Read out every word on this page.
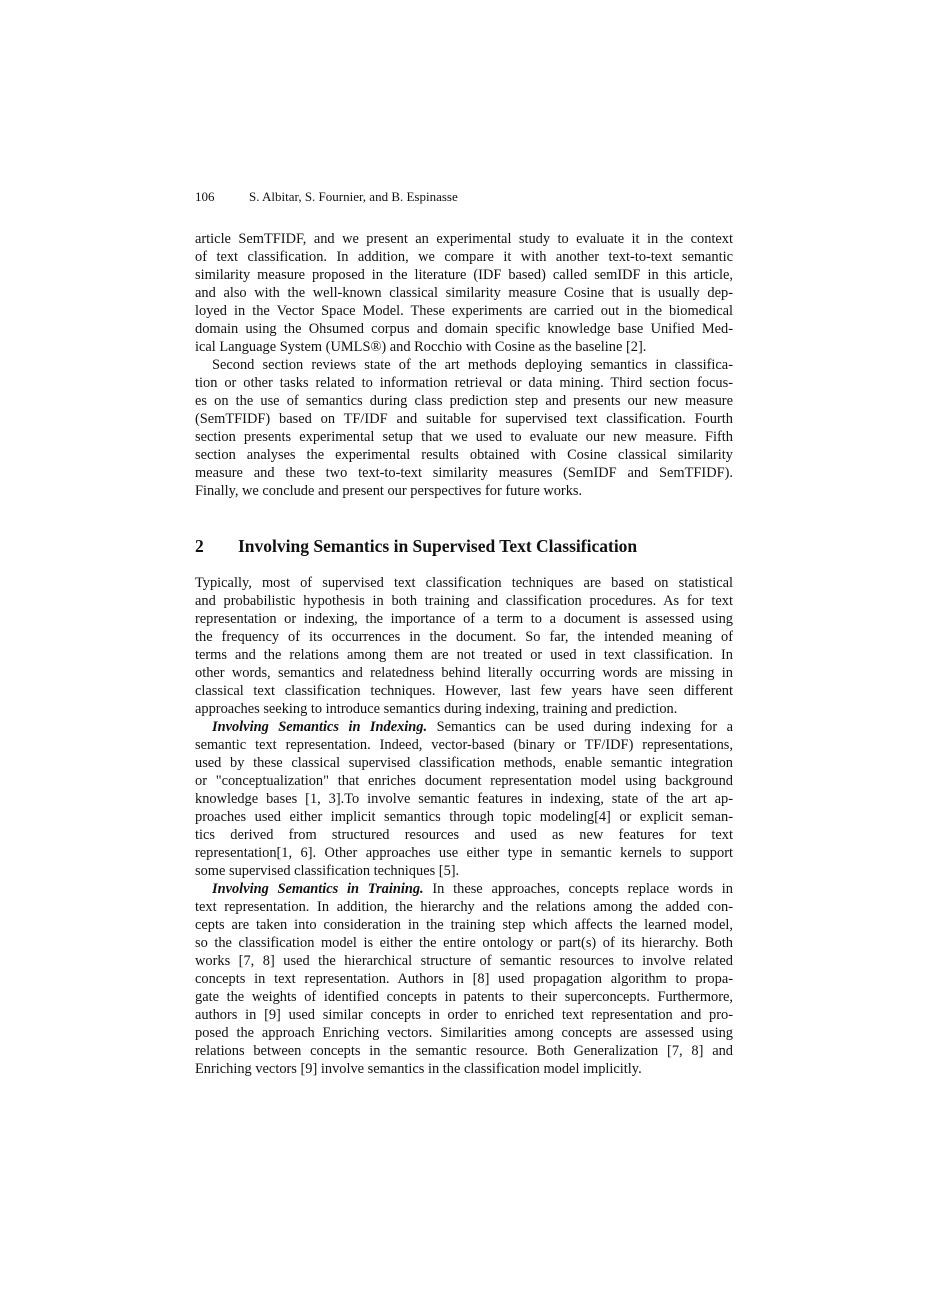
106	S. Albitar, S. Fournier, and B. Espinasse
article SemTFIDF, and we present an experimental study to evaluate it in the context
of text classification. In addition, we compare it with another text-to-text semantic
similarity measure proposed in the literature (IDF based) called semIDF in this article,
and also with the well-known classical similarity measure Cosine that is usually dep-
loyed in the Vector Space Model. These experiments are carried out in the biomedical
domain using the Ohsumed corpus and domain specific knowledge base Unified Med-
ical Language System (UMLS®) and Rocchio with Cosine as the baseline [2].
Second section reviews state of the art methods deploying semantics in classifica-
tion or other tasks related to information retrieval or data mining. Third section focus-
es on the use of semantics during class prediction step and presents our new measure
(SemTFIDF) based on TF/IDF and suitable for supervised text classification. Fourth
section presents experimental setup that we used to evaluate our new measure. Fifth
section analyses the experimental results obtained with Cosine classical similarity
measure and these two text-to-text similarity measures (SemIDF and SemTFIDF).
Finally, we conclude and present our perspectives for future works.
2 Involving Semantics in Supervised Text Classification
Typically, most of supervised text classification techniques are based on statistical
and probabilistic hypothesis in both training and classification procedures. As for text
representation or indexing, the importance of a term to a document is assessed using
the frequency of its occurrences in the document. So far, the intended meaning of
terms and the relations among them are not treated or used in text classification. In
other words, semantics and relatedness behind literally occurring words are missing in
classical text classification techniques. However, last few years have seen different
approaches seeking to introduce semantics during indexing, training and prediction.
Involving Semantics in Indexing. Semantics can be used during indexing for a
semantic text representation. Indeed, vector-based (binary or TF/IDF) representations,
used by these classical supervised classification methods, enable semantic integration
or "conceptualization" that enriches document representation model using background
knowledge bases [1, 3].To involve semantic features in indexing, state of the art ap-
proaches used either implicit semantics through topic modeling[4] or explicit seman-
tics derived from structured resources and used as new features for text
representation[1, 6]. Other approaches use either type in semantic kernels to support
some supervised classification techniques [5].
Involving Semantics in Training. In these approaches, concepts replace words in
text representation. In addition, the hierarchy and the relations among the added con-
cepts are taken into consideration in the training step which affects the learned model,
so the classification model is either the entire ontology or part(s) of its hierarchy. Both
works [7, 8] used the hierarchical structure of semantic resources to involve related
concepts in text representation. Authors in [8] used propagation algorithm to propa-
gate the weights of identified concepts in patents to their superconcepts. Furthermore,
authors in [9] used similar concepts in order to enriched text representation and pro-
posed the approach Enriching vectors. Similarities among concepts are assessed using
relations between concepts in the semantic resource. Both Generalization [7, 8] and
Enriching vectors [9] involve semantics in the classification model implicitly.
